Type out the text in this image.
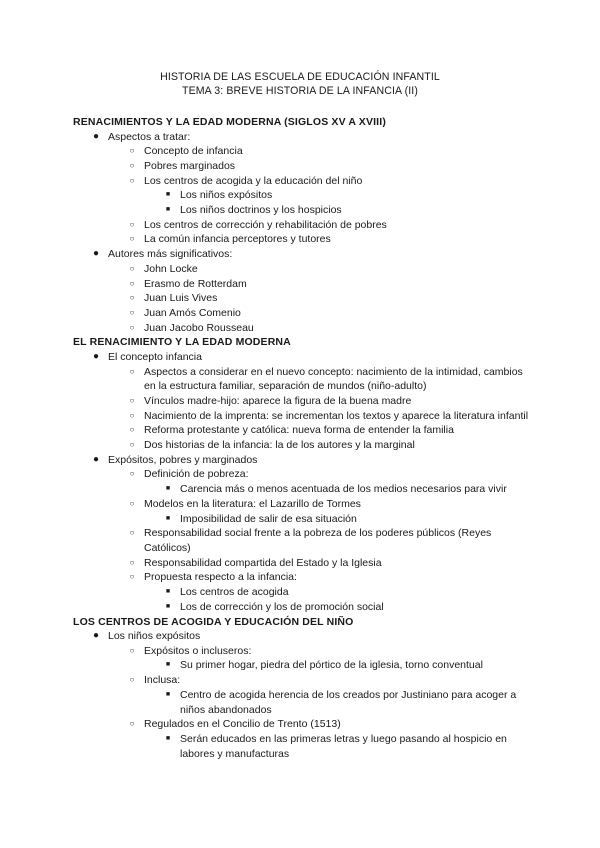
HISTORIA DE LAS ESCUELA DE EDUCACIÓN INFANTIL

TEMA 3: BREVE HISTORIA DE LA INFANCIA (II)

RENACIMIENTOS Y LA EDAD MODERNA (SIGLOS XV A XVIII)

● Aspectos a tratar:
○ Concepto de infancia
○ Pobres marginados
○ Los centros de acogida y la educación del niño
■ Los niños expósitos
■ Los niños doctrinos y los hospicios
○ Los centros de corrección y rehabilitación de pobres
○ La común infancia perceptores y tutores
● Autores más significativos:
○ John Locke
○ Erasmo de Rotterdam
○ Juan Luis Vives
○ Juan Amós Comenio
○ Juan Jacobo Rousseau

EL RENACIMIENTO Y LA EDAD MODERNA

● El concepto infancia
○ Aspectos a considerar en el nuevo concepto: nacimiento de la intimidad, cambios en la estructura familiar, separación de mundos (niño-adulto)
○ Vínculos madre-hijo: aparece la figura de la buena madre
○ Nacimiento de la imprenta: se incrementan los textos y aparece la literatura infantil
○ Reforma protestante y católica: nueva forma de entender la familia
○ Dos historias de la infancia: la de los autores y la marginal
● Expósitos, pobres y marginados
○ Definición de pobreza:
■ Carencia más o menos acentuada de los medios necesarios para vivir
○ Modelos en la literatura: el Lazarillo de Tormes
■ Imposibilidad de salir de esa situación
○ Responsabilidad social frente a la pobreza de los poderes públicos (Reyes Católicos)
○ Responsabilidad compartida del Estado y la Iglesia
○ Propuesta respecto a la infancia:
■ Los centros de acogida
■ Los de corrección y los de promoción social

LOS CENTROS DE ACOGIDA Y EDUCACIÓN DEL NIÑO

● Los niños expósitos
○ Expósitos o incluseros:
■ Su primer hogar, piedra del pórtico de la iglesia, torno conventual
○ Inclusa:
■ Centro de acogida herencia de los creados por Justiniano para acoger a niños abandonados
○ Regulados en el Concilio de Trento (1513)
■ Serán educados en las primeras letras y luego pasando al hospicio en labores y manufacturas
